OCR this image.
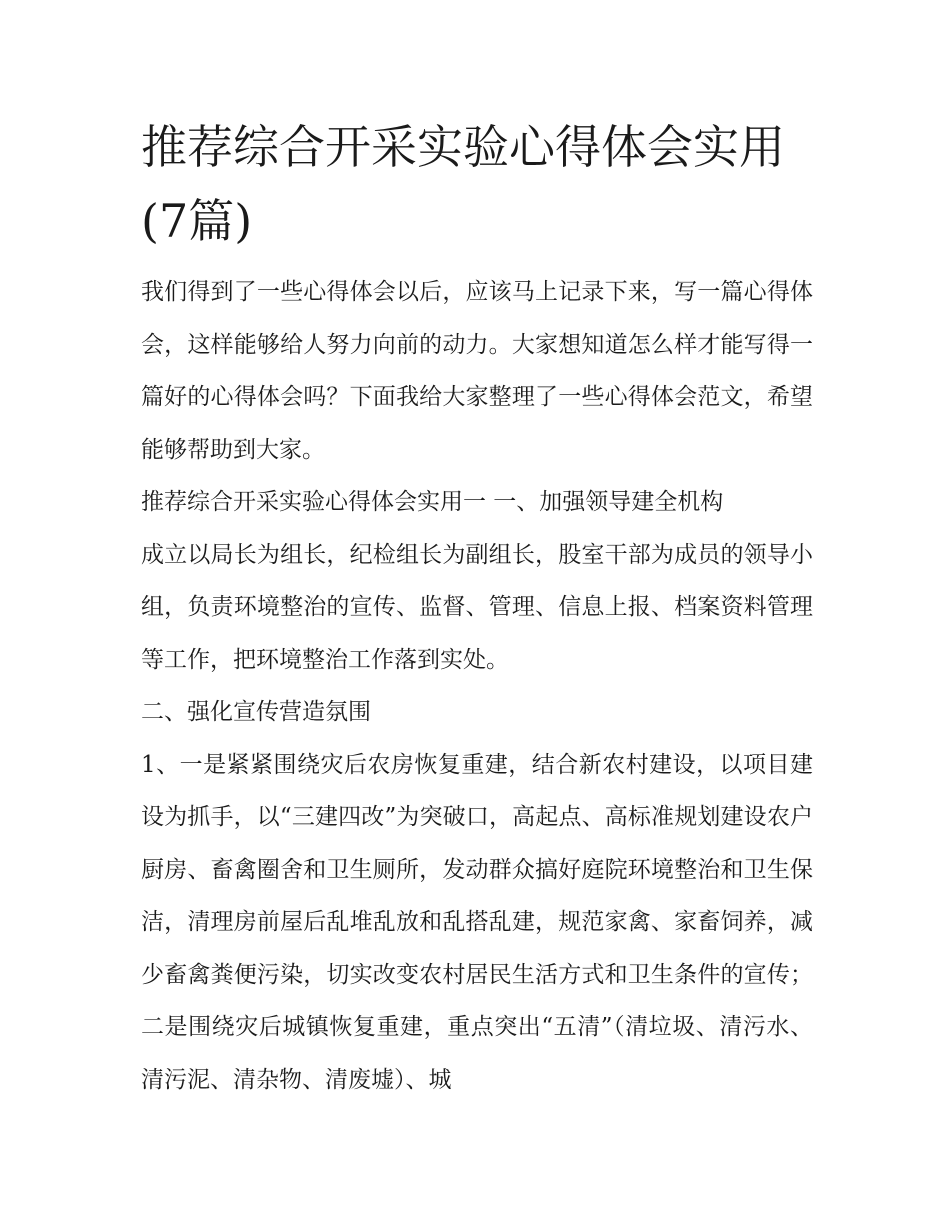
推荐综合开采实验心得体会实用(7篇)

我们得到了一些心得体会以后，应该马上记录下来，写一篇心得体会，这样能够给人努力向前的动力。大家想知道怎么样才能写得一篇好的心得体会吗？下面我给大家整理了一些心得体会范文，希望能够帮助到大家。

推荐综合开采实验心得体会实用一 一、加强领导建全机构

成立以局长为组长，纪检组长为副组长，股室干部为成员的领导小组，负责环境整治的宣传、监督、管理、信息上报、档案资料管理等工作，把环境整治工作落到实处。

二、强化宣传营造氛围

1、一是紧紧围绕灾后农房恢复重建，结合新农村建设，以项目建设为抓手，以“三建四改”为突破口，高起点、高标准规划建设农户厨房、畜禽圈舍和卫生厕所，发动群众搞好庭院环境整治和卫生保洁，清理房前屋后乱堆乱放和乱搭乱建，规范家禽、家畜饲养，减少畜禽粪便污染，切实改变农村居民生活方式和卫生条件的宣传；二是围绕灾后城镇恢复重建，重点突出“五清”（清垃圾、清污水、清污泥、清杂物、清废墟）、城
